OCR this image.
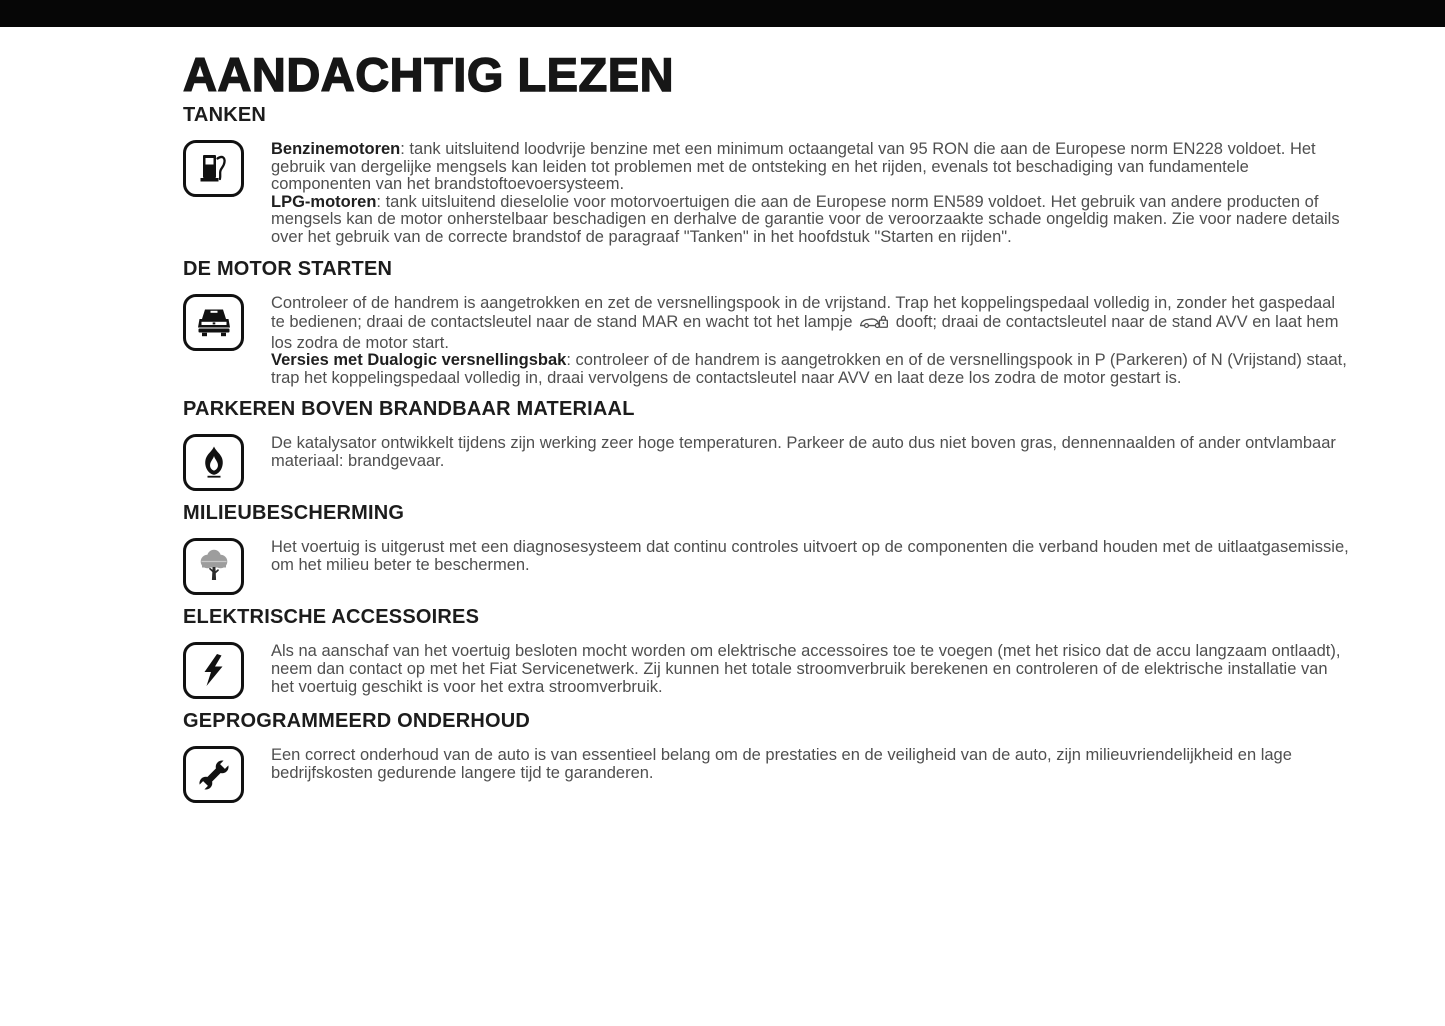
AANDACHTIG LEZEN
TANKEN

Benzinemotoren: tank uitsluitend loodvrije benzine met een minimum octaangetal van 95 RON die aan de Europese norm EN228 voldoet. Het gebruik van dergelijke mengsels kan leiden tot problemen met de ontsteking en het rijden, evenals tot beschadiging van fundamentele componenten van het brandstoftoevoersysteem.

LPG-motoren: tank uitsluitend dieselolie voor motorvoertuigen die aan de Europese norm EN589 voldoet. Het gebruik van andere producten of mengsels kan de motor onherstelbaar beschadigen en derhalve de garantie voor de veroorzaakte schade ongeldig maken. Zie voor nadere details over het gebruik van de correcte brandstof de paragraaf "Tanken" in het hoofdstuk "Starten en rijden".

DE MOTOR STARTEN

Controleer of de handrem is aangetrokken en zet de versnellingspook in de vrijstand. Trap het koppelingspedaal volledig in, zonder het gaspedaal te bedienen; draai de contactsleutel naar de stand MAR en wacht tot het lampje	dooft; draai de contactsleutel naar de stand AVV en laat hem los zodra de motor start.

Versies met Dualogic versnellingsbak: controleer of de handrem is aangetrokken en of de versnellingspook in P (Parkeren) of N (Vrijstand) staat, trap het koppelingspedaal volledig in, draai vervolgens de contactsleutel naar AVV en laat deze los zodra de motor gestart is.

PARKEREN BOVEN BRANDBAAR MATERIAAL

De katalysator ontwikkelt tijdens zijn werking zeer hoge temperaturen. Parkeer de auto dus niet boven gras, dennennaalden of ander ontvlambaar materiaal: brandgevaar.

MILIEUBESCHERMING

Het voertuig is uitgerust met een diagnosesysteem dat continu controles uitvoert op de componenten die verband houden met de uitlaatgasemissie, om het milieu beter te beschermen.

ELEKTRISCHE ACCESSOIRES

Als na aanschaf van het voertuig besloten mocht worden om elektrische accessoires toe te voegen (met het risico dat de accu langzaam ontlaadt), neem dan contact op met het Fiat Servicenetwerk. Zij kunnen het totale stroomverbruik berekenen en controleren of de elektrische installatie van het voertuig geschikt is voor het extra stroomverbruik.

GEPROGRAMMEERD ONDERHOUD

Een correct onderhoud van de auto is van essentieel belang om de prestaties en de veiligheid van de auto, zijn milieuvriendelijkheid en lage bedrijfskosten gedurende langere tijd te garanderen.
